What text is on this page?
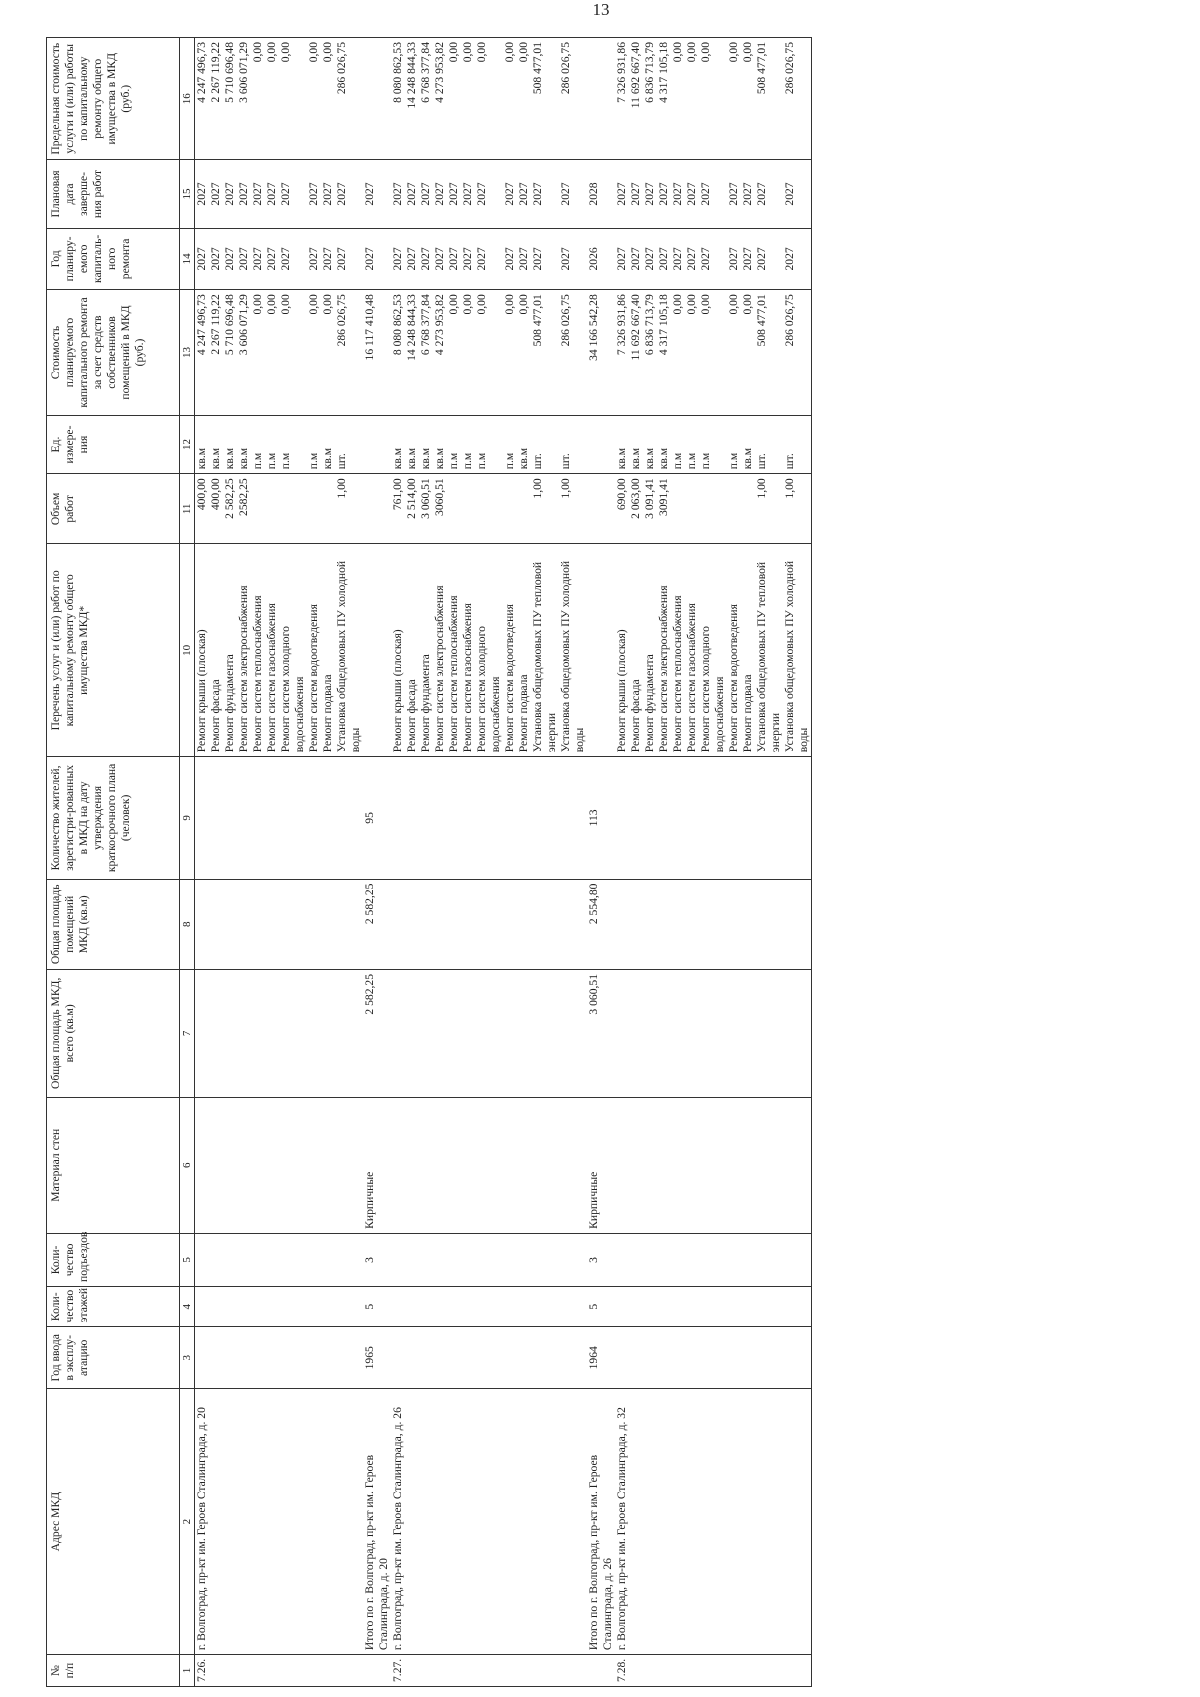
13
№ п/п	Адрес МКД	Год ввода в эксплу-атацию	Коли-чество этажей	Коли-чество подъездов	Материал стен	Общая площадь МКД, всего (кв.м)	Общая площадь помещений МКД (кв.м)	Количество жителей, зарегистри-рованных в МКД на дату утверждения краткосрочного плана (человек)	Перечень услуг и (или) работ по капитальному ремонту общего имущества МКД*	Объем работ	Ед. измере-ния	Стоимость планируемого капитального ремонта за счет средств собственников помещений в МКД (руб.)	Год планиру-емого капиталь-ного ремонта	Плановая дата заверше-ния работ	Предельная стоимость услуги и (или) работы по капитальному ремонту общего имущества в МКД (руб.)
1	2	3	4	5	6	7	8	9	10	11	12	13	14	15	16
7.26.	г. Волгоград, пр-кт им. Героев Сталинграда, д. 20								Ремонт крыши (плоская)	400,00	кв.м	4 247 496,73	2027	2027	4 247 496,73
									Ремонт фасада	400,00	кв.м	2 267 119,22	2027	2027	2 267 119,22
									Ремонт фундамента	2 582,25	кв.м	5 710 696,48	2027	2027	5 710 696,48
									Ремонт систем электроснабжения	2582,25	кв.м	3 606 071,29	2027	2027	3 606 071,29
									Ремонт систем теплоснабжения		п.м	0,00	2027	2027	0,00
									Ремонт систем газоснабжения		п.м	0,00	2027	2027	0,00
									Ремонт систем холодного водоснабжения		п.м	0,00	2027	2027	0,00
									Ремонт систем водоотведения		п.м	0,00	2027	2027	0,00
									Ремонт подвала		кв.м	0,00	2027	2027	0,00
									Установка общедомовых ПУ холодной воды	1,00	шт.	286 026,75	2027	2027	286 026,75
	Итого по г. Волгоград, пр-кт им. Героев Сталинграда, д. 20	1965	5	3	Кирпичные	2 582,25	2 582,25	95				16 117 410,48	2027	2027	
7.27.	г. Волгоград, пр-кт им. Героев Сталинграда, д. 26								Ремонт крыши (плоская)	761,00	кв.м	8 080 862,53	2027	2027	8 080 862,53
									Ремонт фасада	2 514,00	кв.м	14 248 844,33	2027	2027	14 248 844,33
									Ремонт фундамента	3 060,51	кв.м	6 768 377,84	2027	2027	6 768 377,84
									Ремонт систем электроснабжения	3060,51	кв.м	4 273 953,82	2027	2027	4 273 953,82
									Ремонт систем теплоснабжения		п.м	0,00	2027	2027	0,00
									Ремонт систем газоснабжения		п.м	0,00	2027	2027	0,00
									Ремонт систем холодного водоснабжения		п.м	0,00	2027	2027	0,00
									Ремонт систем водоотведения		п.м	0,00	2027	2027	0,00
									Ремонт подвала		кв.м	0,00	2027	2027	0,00
									Установка общедомовых ПУ тепловой энергии	1,00	шт.	508 477,01	2027	2027	508 477,01
									Установка общедомовых ПУ холодной воды	1,00	шт.	286 026,75	2027	2027	286 026,75
	Итого по г. Волгоград, пр-кт им. Героев Сталинграда, д. 26	1964	5	3	Кирпичные	3 060,51	2 554,80	113				34 166 542,28	2026	2028	
7.28.	г. Волгоград, пр-кт им. Героев Сталинграда, д. 32								Ремонт крыши (плоская)	690,00	кв.м	7 326 931,86	2027	2027	7 326 931,86
									Ремонт фасада	2 063,00	кв.м	11 692 667,40	2027	2027	11 692 667,40
									Ремонт фундамента	3 091,41	кв.м	6 836 713,79	2027	2027	6 836 713,79
									Ремонт систем электроснабжения	3091,41	кв.м	4 317 105,18	2027	2027	4 317 105,18
									Ремонт систем теплоснабжения		п.м	0,00	2027	2027	0,00
									Ремонт систем газоснабжения		п.м	0,00	2027	2027	0,00
									Ремонт систем холодного водоснабжения		п.м	0,00	2027	2027	0,00
									Ремонт систем водоотведения		п.м	0,00	2027	2027	0,00
									Ремонт подвала		кв.м	0,00	2027	2027	0,00
									Установка общедомовых ПУ тепловой энергии	1,00	шт.	508 477,01	2027	2027	508 477,01
									Установка общедомовых ПУ холодной воды	1,00	шт.	286 026,75	2027	2027	286 026,75
